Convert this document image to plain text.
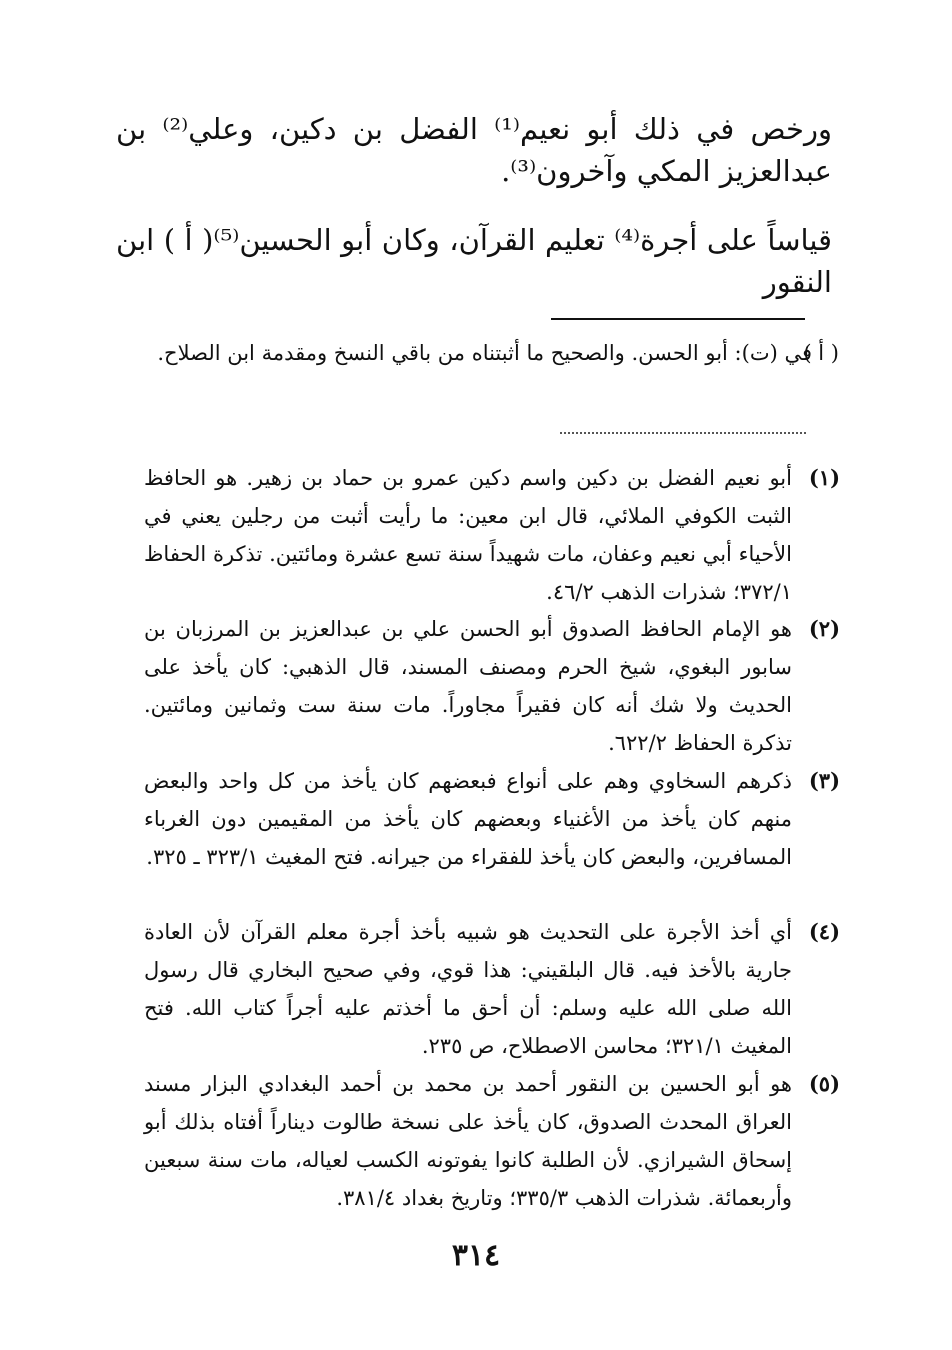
ورخص في ذلك أبو نعيم⁽¹⁾ الفضل بن دكين، وعلي⁽²⁾ بن عبدالعزيز المكي وآخرون⁽³⁾.
قياساً على أجرة⁽⁴⁾ تعليم القرآن، وكان أبو الحسين⁽⁵⁾( أ ) ابن النقور
( أ )
في (ت): أبو الحسن. والصحيح ما أثبتناه من باقي النسخ ومقدمة ابن الصلاح.
(١)
أبو نعيم الفضل بن دكين واسم دكين عمرو بن حماد بن زهير. هو الحافظ الثبت الكوفي الملائي، قال ابن معين: ما رأيت أثبت من رجلين يعني في الأحياء أبي نعيم وعفان، مات شهيداً سنة تسع عشرة ومائتين. تذكرة الحفاظ ٣٧٢/١؛ شذرات الذهب ٤٦/٢.
(٢)
هو الإمام الحافظ الصدوق أبو الحسن علي بن عبدالعزيز بن المرزبان بن سابور البغوي، شيخ الحرم ومصنف المسند، قال الذهبي: كان يأخذ على الحديث ولا شك أنه كان فقيراً مجاوراً. مات سنة ست وثمانين ومائتين. تذكرة الحفاظ ٦٢٢/٢.
(٣)
ذكرهم السخاوي وهم على أنواع فبعضهم كان يأخذ من كل واحد والبعض منهم كان يأخذ من الأغنياء وبعضهم كان يأخذ من المقيمين دون الغرباء المسافرين، والبعض كان يأخذ للفقراء من جيرانه. فتح المغيث ٣٢٣/١ ـ ٣٢٥.
(٤)
أي أخذ الأجرة على التحديث هو شبيه بأخذ أجرة معلم القرآن لأن العادة جارية بالأخذ فيه. قال البلقيني: هذا قوي، وفي صحيح البخاري قال رسول الله صلى الله عليه وسلم: أن أحق ما أخذتم عليه أجراً كتاب الله. فتح المغيث ٣٢١/١؛ محاسن الاصطلاح، ص ٢٣٥.
(٥)
هو أبو الحسين بن النقور أحمد بن محمد بن أحمد البغدادي البزار مسند العراق المحدث الصدوق، كان يأخذ على نسخة طالوت ديناراً أفتاه بذلك أبو إسحاق الشيرازي. لأن الطلبة كانوا يفوتونه الكسب لعياله، مات سنة سبعين وأربعمائة. شذرات الذهب ٣٣٥/٣؛ وتاريخ بغداد ٣٨١/٤.
٣١٤
